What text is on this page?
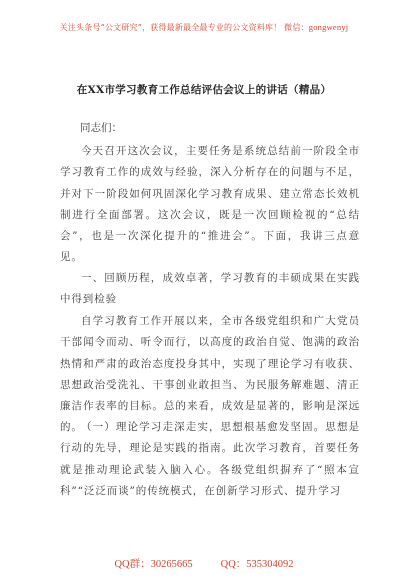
关注头条号“公文研究”，获得最新最全最专业的公文资料库！ 微信：gongwenyj
在XX市学习教育工作总结评估会议上的讲话（精品）
同志们：

今天召开这次会议，主要任务是系统总结前一阶段全市学习教育工作的成效与经验，深入分析存在的问题与不足，并对下一阶段如何巩固深化学习教育成果、建立常态长效机制进行全面部署。这次会议，既是一次回顾检视的“总结会”，也是一次深化提升的“推进会”。下面，我讲三点意见。

一、回顾历程，成效卓著，学习教育的丰硕成果在实践中得到检验

自学习教育工作开展以来，全市各级党组织和广大党员干部闻令而动、听令而行，以高度的政治自觉、饱满的政治热情和严肃的政治态度投身其中，实现了理论学习有收获、思想政治受洗礼、干事创业敢担当、为民服务解难题、清正廉洁作表率的目标。总的来看，成效是显著的，影响是深远的。

（一）理论学习走深走实，思想根基愈发坚固。思想是行动的先导，理论是实践的指南。此次学习教育，首要任务就是推动理论武装入脑入心。各级党组织摒弃了“照本宣科”“泛泛而谈”的传统模式，在创新学习形式、提升学习

QQ群：30265665	QQ：535304092
